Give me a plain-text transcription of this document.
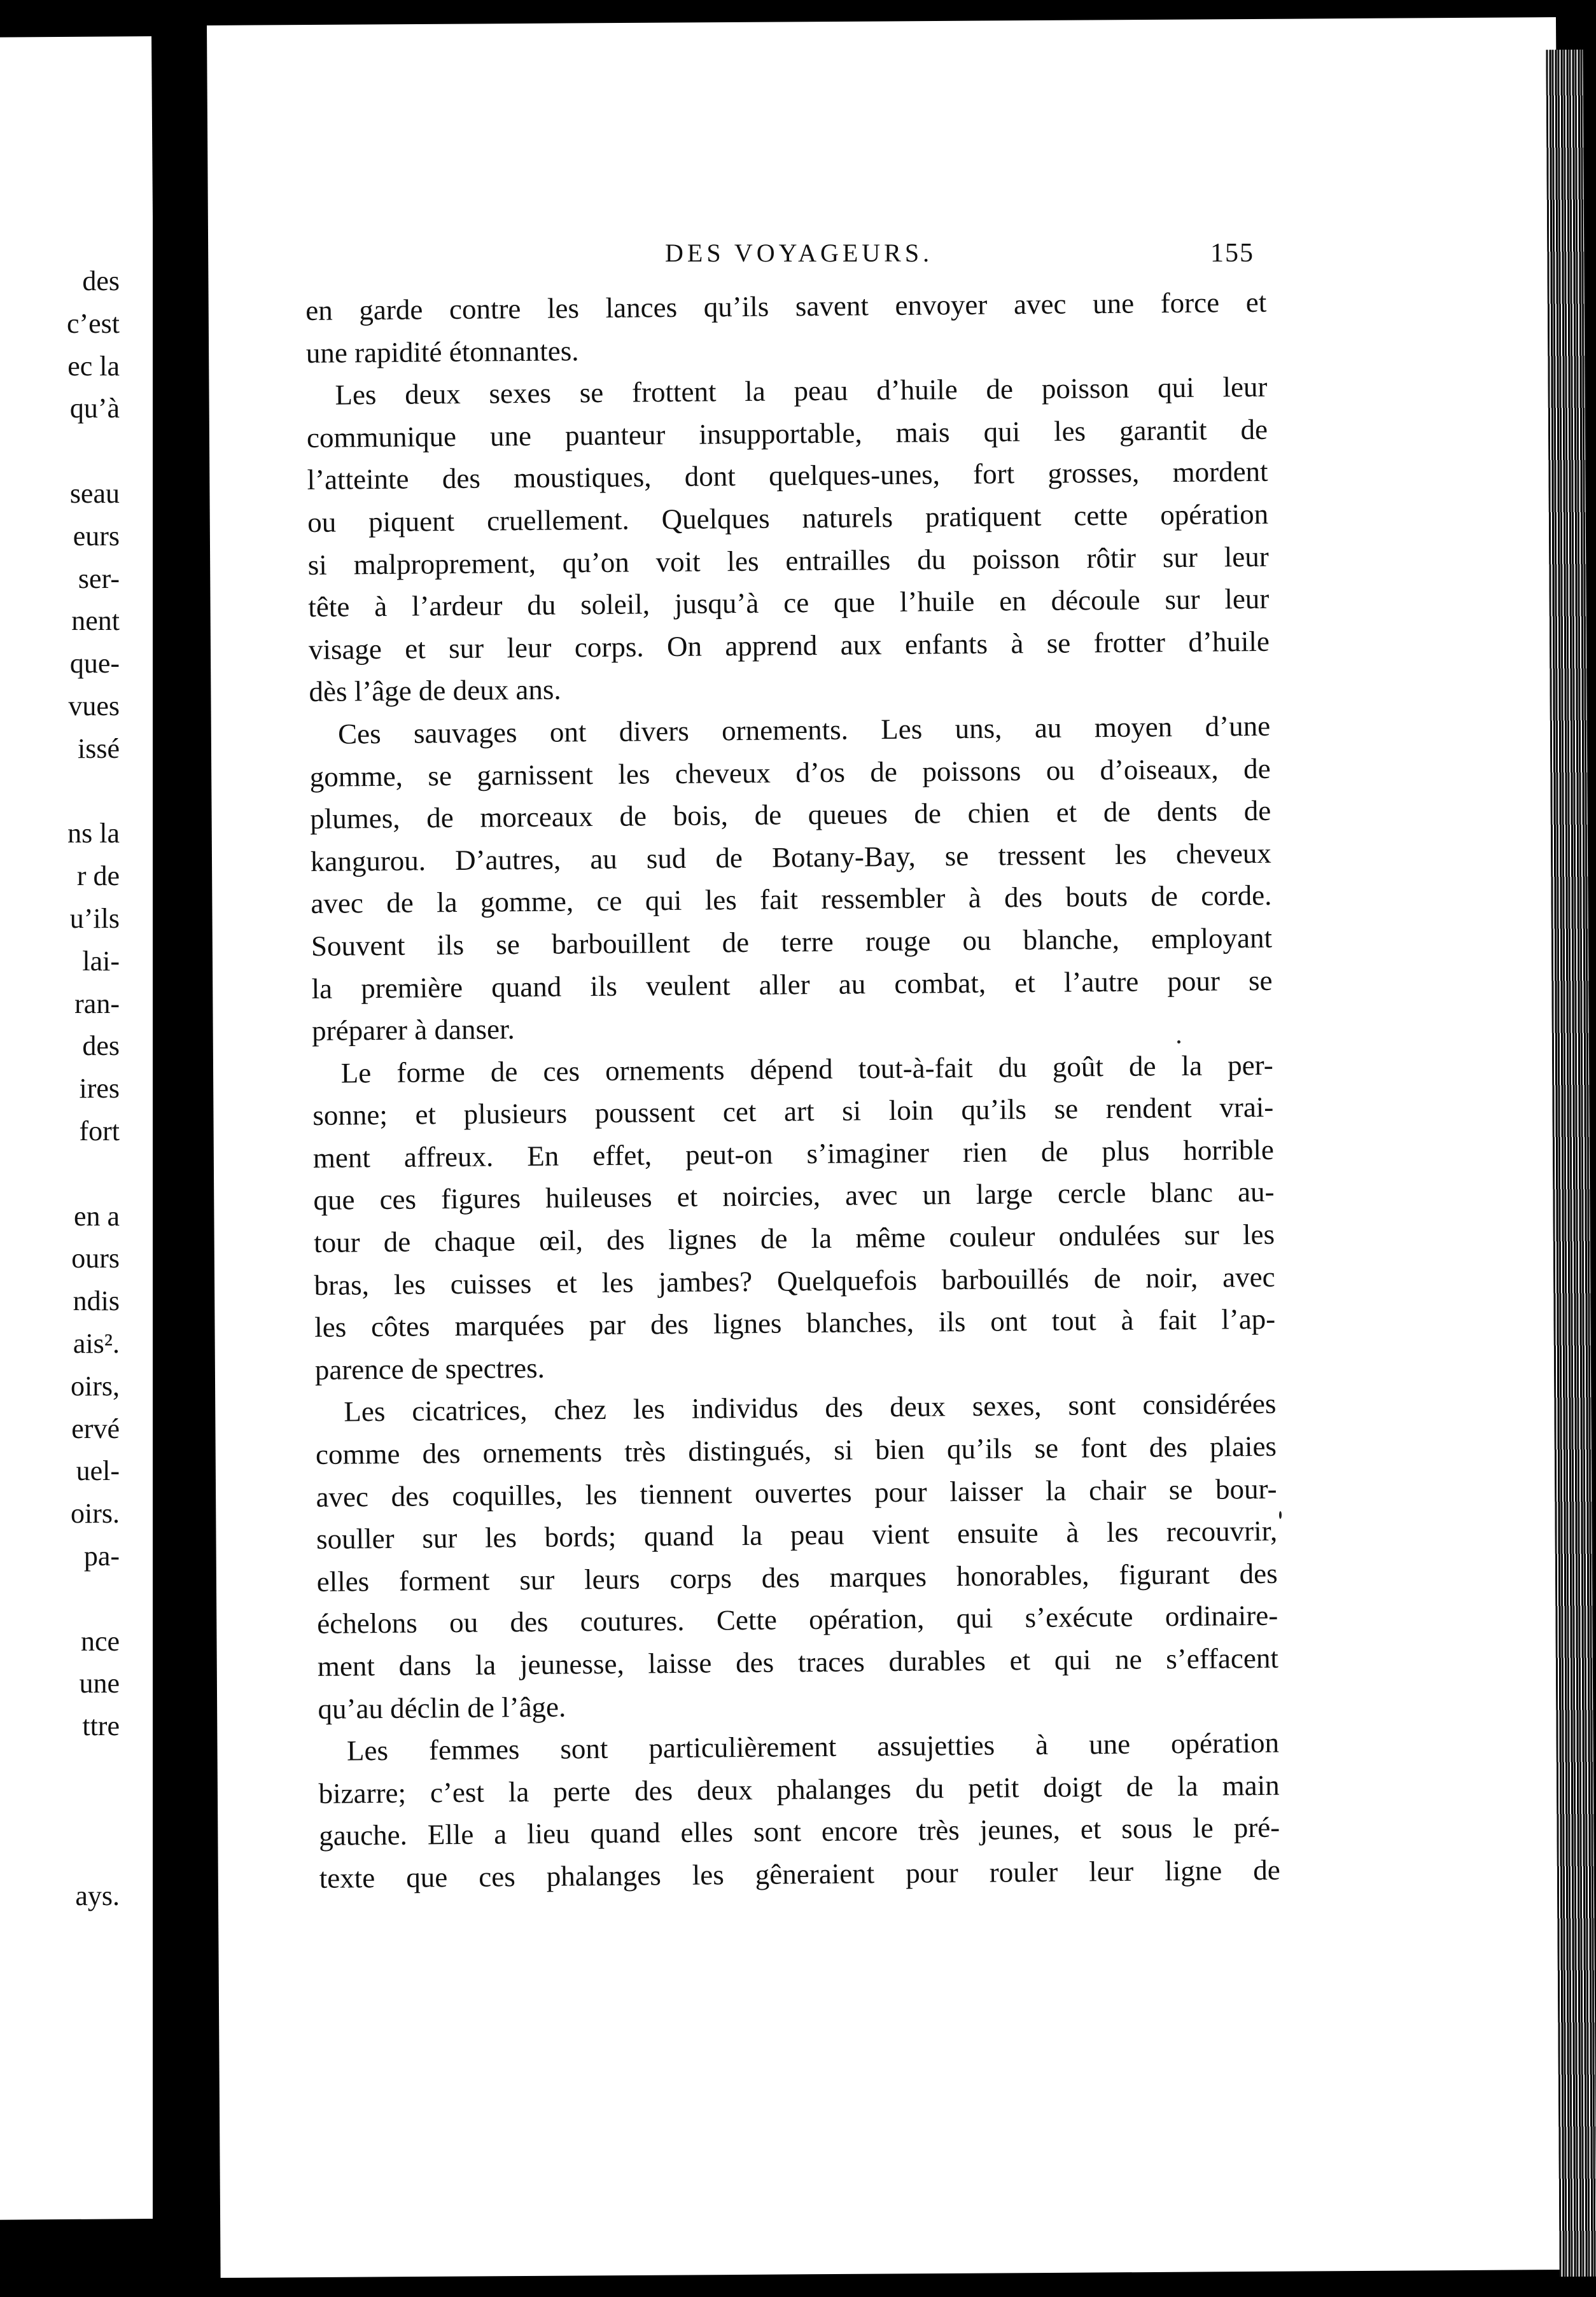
des
c’est
ec la
qu’à
seau
eurs
ser-
nent
que-
vues
issé
ns la
r de
u’ils
lai-
ran-
des
ires
fort
en a
ours
ndis
ais².
oirs,
ervé
uel-
oirs.
pa-
nce
une
ttre
ays.
DES VOYAGEURS.	155
en garde contre les lances qu’ils savent envoyer avec une force et
une rapidité étonnantes.
Les deux sexes se frottent la peau d’huile de poisson qui leur
communique une puanteur insupportable, mais qui les garantit de
l’atteinte des moustiques, dont quelques-unes, fort grosses, mordent
ou piquent cruellement. Quelques naturels pratiquent cette opération
si malproprement, qu’on voit les entrailles du poisson rôtir sur leur
tête à l’ardeur du soleil, jusqu’à ce que l’huile en découle sur leur
visage et sur leur corps. On apprend aux enfants à se frotter d’huile
dès l’âge de deux ans.
Ces sauvages ont divers ornements. Les uns, au moyen d’une
gomme, se garnissent les cheveux d’os de poissons ou d’oiseaux, de
plumes, de morceaux de bois, de queues de chien et de dents de
kangurou. D’autres, au sud de Botany-Bay, se tressent les cheveux
avec de la gomme, ce qui les fait ressembler à des bouts de corde.
Souvent ils se barbouillent de terre rouge ou blanche, employant
la première quand ils veulent aller au combat, et l’autre pour se
préparer à danser.
Le forme de ces ornements dépend tout-à-fait du goût de la per-
sonne; et plusieurs poussent cet art si loin qu’ils se rendent vrai-
ment affreux. En effet, peut-on s’imaginer rien de plus horrible
que ces figures huileuses et noircies, avec un large cercle blanc au-
tour de chaque œil, des lignes de la même couleur ondulées sur les
bras, les cuisses et les jambes? Quelquefois barbouillés de noir, avec
les côtes marquées par des lignes blanches, ils ont tout à fait l’ap-
parence de spectres.
Les cicatrices, chez les individus des deux sexes, sont considérées
comme des ornements très distingués, si bien qu’ils se font des plaies
avec des coquilles, les tiennent ouvertes pour laisser la chair se bour-
souller sur les bords; quand la peau vient ensuite à les recouvrir,
elles forment sur leurs corps des marques honorables, figurant des
échelons ou des coutures. Cette opération, qui s’exécute ordinaire-
ment dans la jeunesse, laisse des traces durables et qui ne s’effacent
qu’au déclin de l’âge.
Les femmes sont particulièrement assujetties à une opération
bizarre; c’est la perte des deux phalanges du petit doigt de la main
gauche. Elle a lieu quand elles sont encore très jeunes, et sous le pré-
texte que ces phalanges les gêneraient pour rouler leur ligne de
